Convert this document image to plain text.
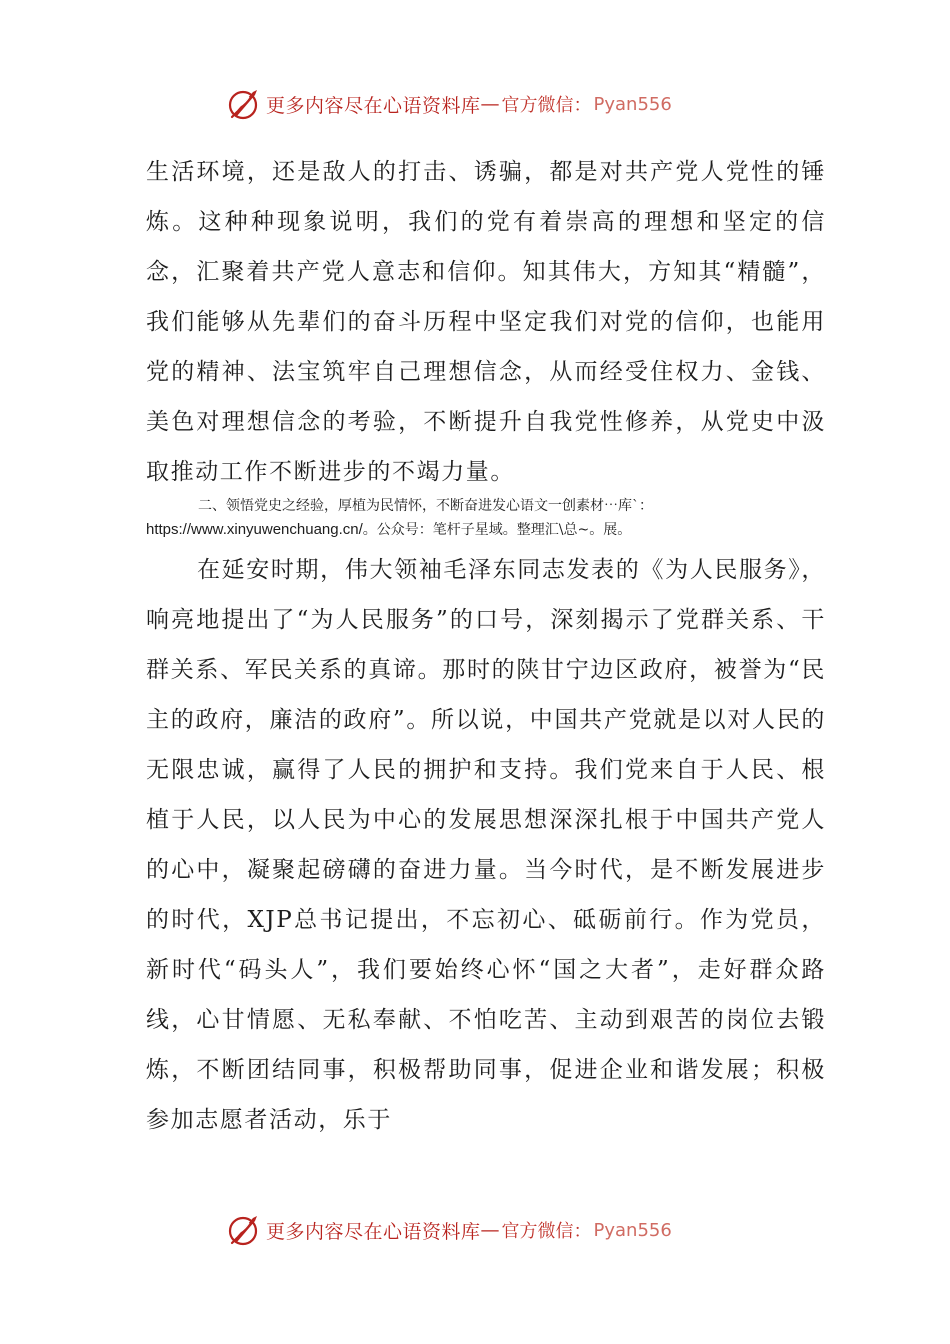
更多内容尽在心语资料库 — 官方微信： Pyan556

生活环境，还是敌人的打击、诱骗，都是对共产党人党性的锤炼。这种种现象说明，我们的党有着崇高的理想和坚定的信念，汇聚着共产党人意志和信仰。知其伟大，方知其“精髓”，我们能够从先辈们的奋斗历程中坚定我们对党的信仰，也能用党的精神、法宝筑牢自己理想信念，从而经受住权力、金钱、美色对理想信念的考验，不断提升自我党性修养，从党史中汲取推动工作不断进步的不竭力量。

二、领悟党史之经验，厚植为民情怀，不断奋进发心语文一创素材⋯库`：
https://www.xinyuwenchuang.cn/。公众号：笔杆子星域。整理汇\总~。展。

在延安时期，伟大领袖毛泽东同志发表的《为人民服务》，响亮地提出了“为人民服务”的口号，深刻揭示了党群关系、干群关系、军民关系的真谛。那时的陕甘宁边区政府，被誉为“民主的政府，廉洁的政府”。所以说，中国共产党就是以对人民的无限忠诚，赢得了人民的拥护和支持。我们党来自于人民、根植于人民，以人民为中心的发展思想深深扎根于中国共产党人的心中，凝聚起磅礴的奋进力量。当今时代，是不断发展进步的时代，XJP总书记提出，不忘初心、砥砺前行。作为党员，新时代“码头人”，我们要始终心怀“国之大者”，走好群众路线，心甘情愿、无私奉献、不怕吃苦、主动到艰苦的岗位去锻炼，不断团结同事，积极帮助同事，促进企业和谐发展；积极参加志愿者活动，乐于

更多内容尽在心语资料库 — 官方微信： Pyan556
